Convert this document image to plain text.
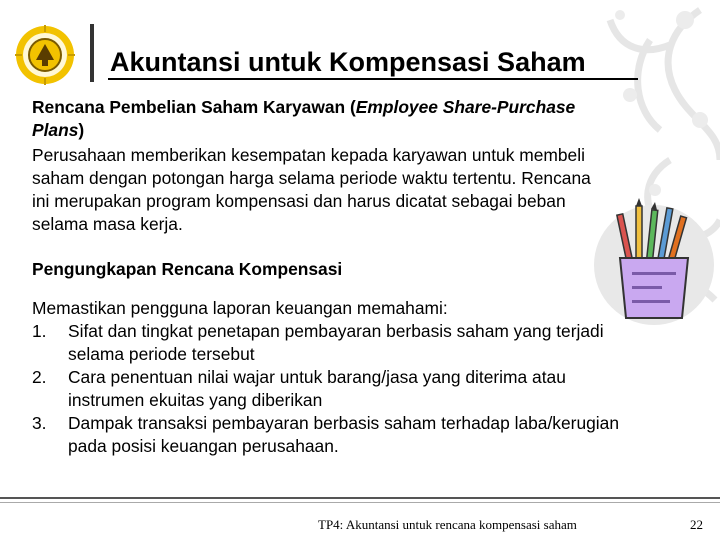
Akuntansi untuk Kompensasi Saham

Rencana Pembelian Saham Karyawan (Employee Share-Purchase Plans)

Perusahaan memberikan kesempatan kepada karyawan untuk membeli saham dengan potongan harga selama periode waktu tertentu. Rencana ini merupakan program kompensasi dan harus dicatat sebagai beban selama masa kerja.

Pengungkapan Rencana Kompensasi

Memastikan pengguna laporan keuangan memahami:

1. Sifat dan tingkat penetapan pembayaran berbasis saham yang terjadi selama periode tersebut
2. Cara penentuan nilai wajar untuk barang/jasa yang diterima atau instrumen ekuitas yang diberikan
3. Dampak transaksi pembayaran berbasis saham terhadap laba/kerugian pada posisi keuangan perusahaan.
TP4: Akuntansi untuk rencana kompensasi saham	22
